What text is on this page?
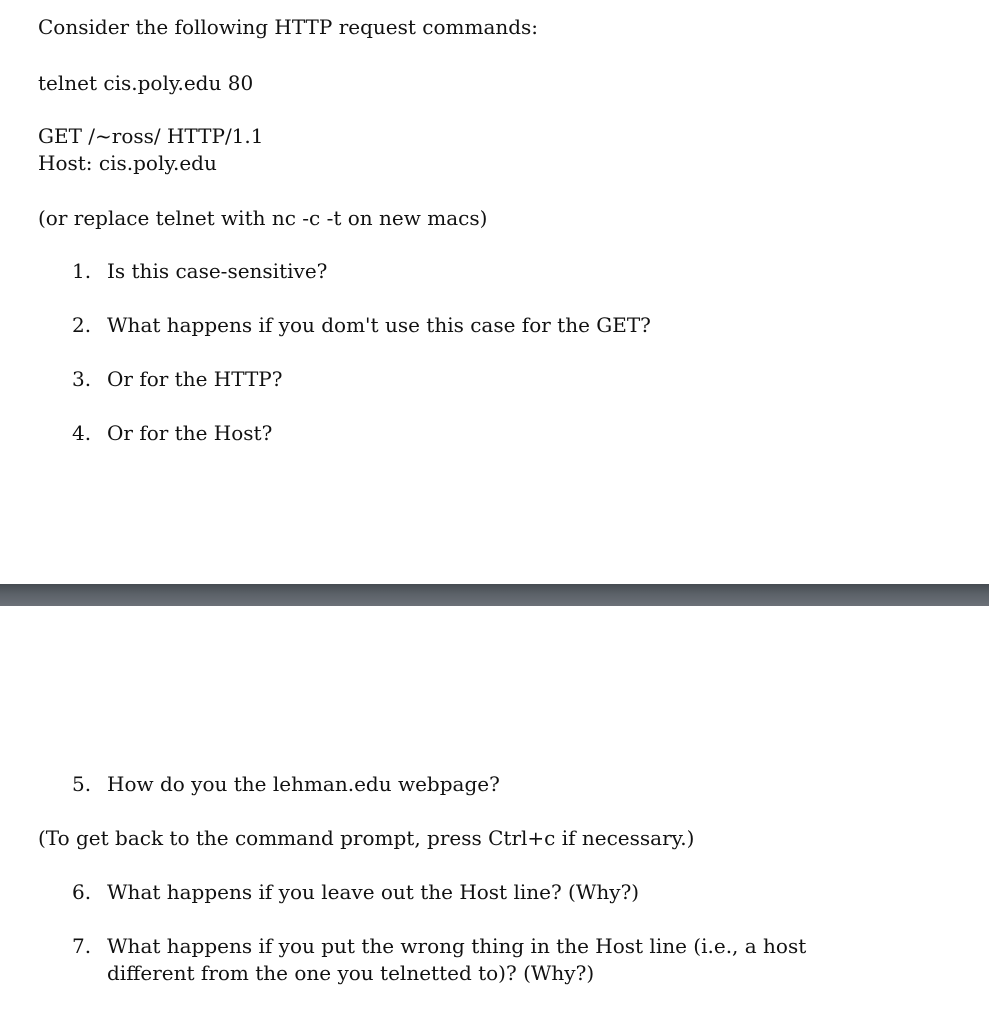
Consider the following HTTP request commands:

telnet cis.poly.edu 80

GET /~ross/ HTTP/1.1

Host: cis.poly.edu

(or replace telnet with nc -c -t on new macs)

1. Is this case-sensitive?
2. What happens if you dom't use this case for the GET?
3. Or for the HTTP?
4. Or for the Host?
5. How do you the lehman.edu webpage?

(To get back to the command prompt, press Ctrl+c if necessary.)

6. What happens if you leave out the Host line? (Why?)
7. What happens if you put the wrong thing in the Host line (i.e., a host different from the one you telnetted to)? (Why?)
